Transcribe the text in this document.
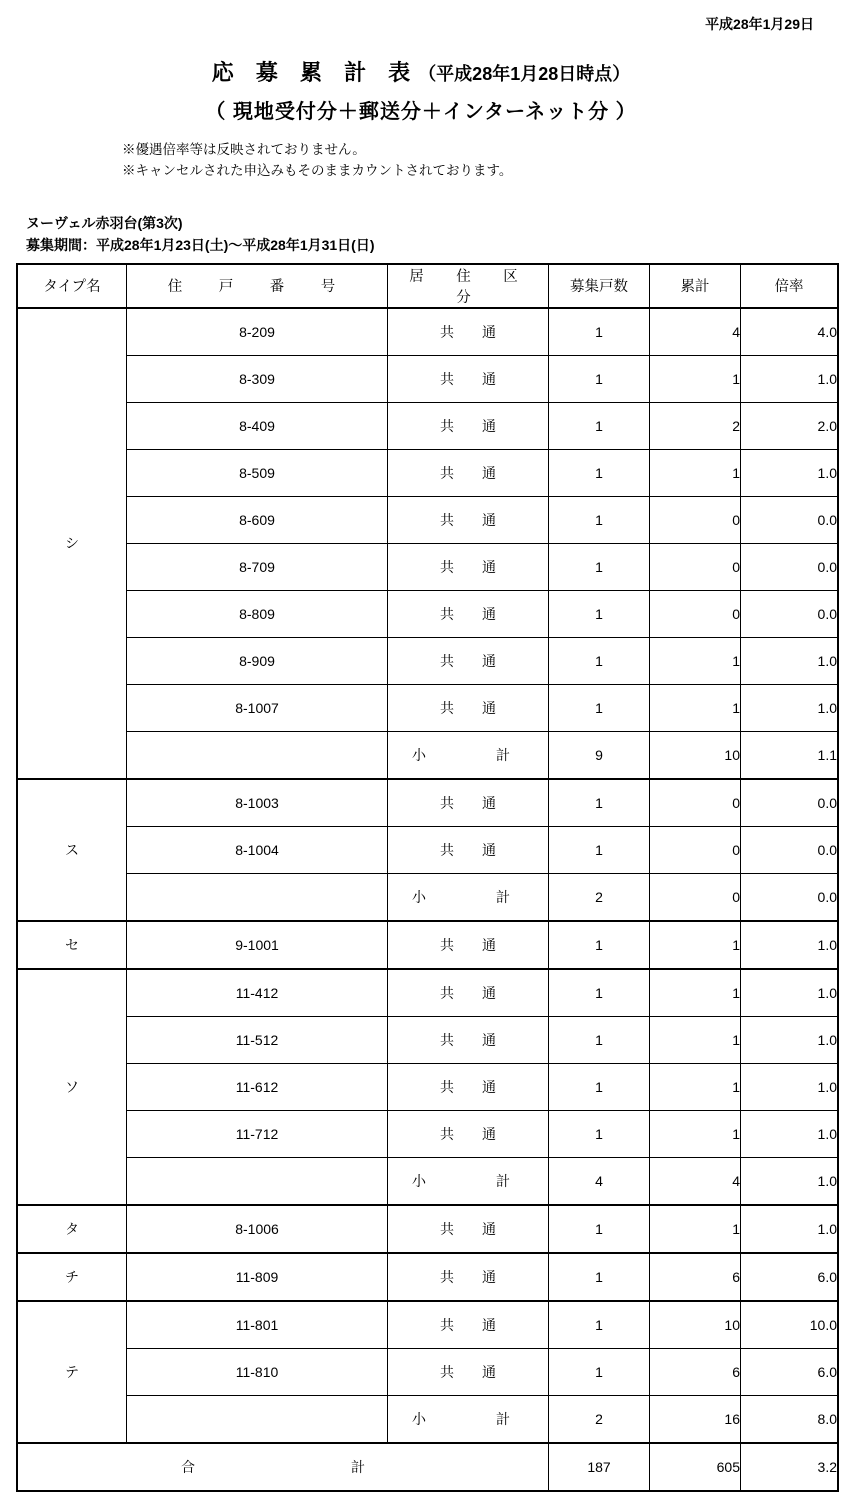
平成28年1月29日
応 募 累 計 表（平成28年1月28日時点）
（ 現地受付分＋郵送分＋インターネット分 ）
※優遇倍率等は反映されておりません。
※キャンセルされた申込みもそのままカウントされております。
ヌーヴェル赤羽台(第3次)
募集期間：平成28年1月23日(土)〜平成28年1月31日(日)
タイプ名	住　戸　番　号	居　住　区　分	募集戸数	累計	倍率
シ	8-209	共　　通	1	4	4.0
	8-309	共　　通	1	1	1.0
	8-409	共　　通	1	2	2.0
	8-509	共　　通	1	1	1.0
	8-609	共　　通	1	0	0.0
	8-709	共　　通	1	0	0.0
	8-809	共　　通	1	0	0.0
	8-909	共　　通	1	1	1.0
	8-1007	共　　通	1	1	1.0
		小　　計	9	10	1.1
ス	8-1003	共　　通	1	0	0.0
	8-1004	共　　通	1	0	0.0
		小　　計	2	0	0.0
セ	9-1001	共　　通	1	1	1.0
ソ	11-412	共　　通	1	1	1.0
	11-512	共　　通	1	1	1.0
	11-612	共　　通	1	1	1.0
	11-712	共　　通	1	1	1.0
		小　　計	4	4	1.0
タ	8-1006	共　　通	1	1	1.0
チ	11-809	共　　通	1	6	6.0
テ	11-801	共　　通	1	10	10.0
	11-810	共　　通	1	6	6.0
		小　　計	2	16	8.0
合　　　　計			187	605	3.2
